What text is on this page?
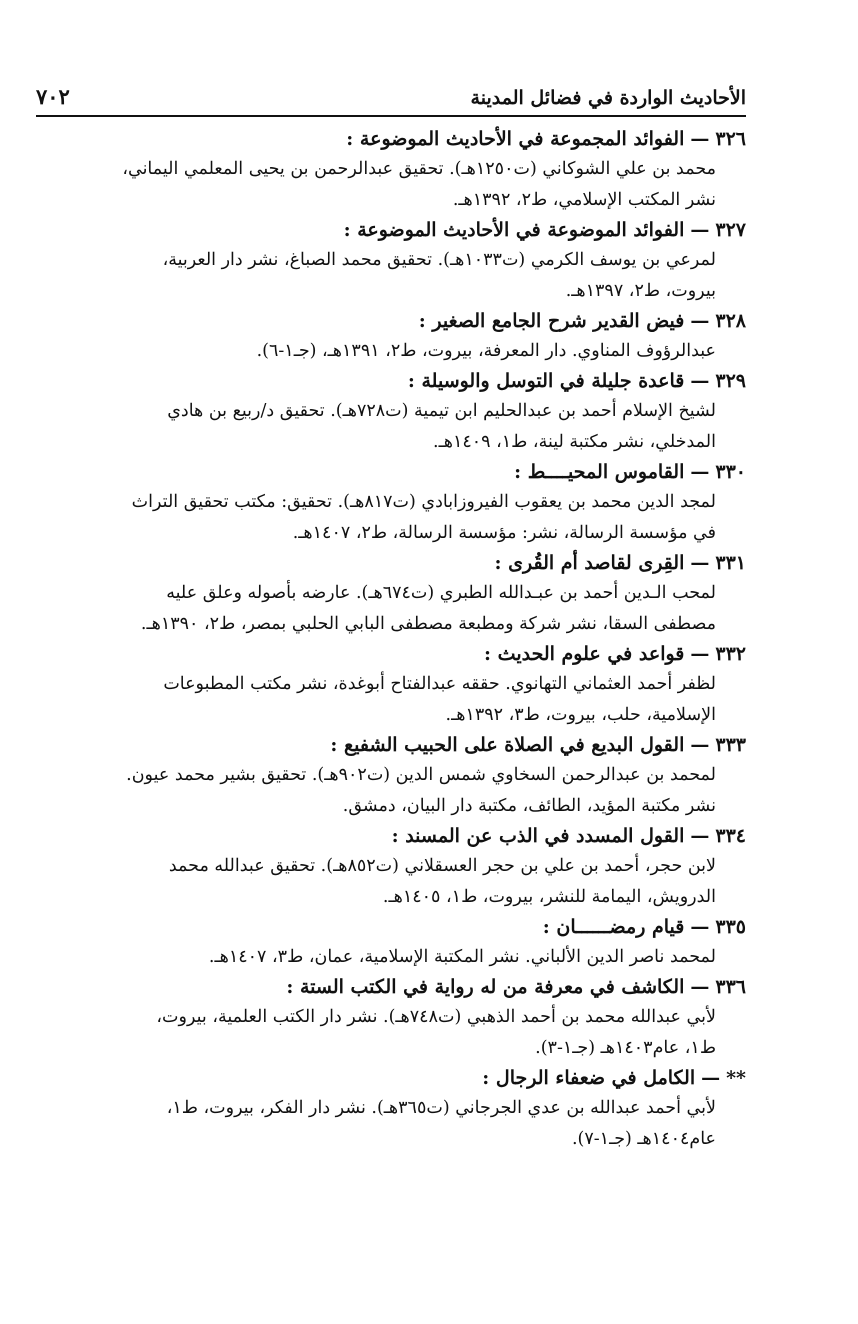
الأحاديث الواردة في فضائل المدينة
٧٠٢
٣٢٦—الفوائد المجموعة في الأحاديث الموضوعة :
محمد بن علي الشوكاني (ت١٢٥٠هـ). تحقيق عبدالرحمن بن يحيى المعلمي اليماني،
نشر المكتب الإسلامي، ط٢، ١٣٩٢هـ.
٣٢٧—الفوائد الموضوعة في الأحاديث الموضوعة :
لمرعي بن يوسف الكرمي (ت١٠٣٣هـ). تحقيق محمد الصباغ، نشر دار العربية،
بيروت، ط٢، ١٣٩٧هـ.
٣٢٨—فيض القدير شرح الجامع الصغير :
عبدالرؤوف المناوي. دار المعرفة، بيروت، ط٢، ١٣٩١هـ، (جـ١-٦).
٣٢٩—قاعدة جليلة في التوسل والوسيلة :
لشيخ الإسلام أحمد بن عبدالحليم ابن تيمية (ت٧٢٨هـ). تحقيق د/ربيع بن هادي
المدخلي، نشر مكتبة لينة، ط١، ١٤٠٩هـ.
٣٣٠—القاموس المحيــــط :
لمجد الدين محمد بن يعقوب الفيروزابادي (ت٨١٧هـ). تحقيق: مكتب تحقيق التراث
في مؤسسة الرسالة، نشر: مؤسسة الرسالة، ط٢، ١٤٠٧هـ.
٣٣١—القِرى لقاصد أم القُرى :
لمحب الـدين أحمد بن عبـدالله الطبري (ت٦٧٤هـ). عارضه بأصوله وعلق عليه
مصطفى السقا، نشر شركة ومطبعة مصطفى البابي الحلبي بمصر، ط٢، ١٣٩٠هـ.
٣٣٢—قواعد في علوم الحديث :
لظفر أحمد العثماني التهانوي. حققه عبدالفتاح أبوغدة، نشر مكتب المطبوعات
الإسلامية، حلب، بيروت، ط٣، ١٣٩٢هـ.
٣٣٣—القول البديع في الصلاة على الحبيب الشفيع :
لمحمد بن عبدالرحمن السخاوي شمس الدين (ت٩٠٢هـ). تحقيق بشير محمد عيون.
نشر مكتبة المؤيد، الطائف، مكتبة دار البيان، دمشق.
٣٣٤—القول المسدد في الذب عن المسند :
لابن حجر، أحمد بن علي بن حجر العسقلاني (ت٨٥٢هـ). تحقيق عبدالله محمد
الدرويش، اليمامة للنشر، بيروت، ط١، ١٤٠٥هـ.
٣٣٥—قيام رمضــــــان :
لمحمد ناصر الدين الألباني. نشر المكتبة الإسلامية، عمان، ط٣، ١٤٠٧هـ.
٣٣٦—الكاشف في معرفة من له رواية في الكتب الستة :
لأبي عبدالله محمد بن أحمد الذهبي (ت٧٤٨هـ). نشر دار الكتب العلمية، بيروت،
ط١، عام١٤٠٣هـ (جـ١-٣).
**—الكامل في ضعفاء الرجال :
لأبي أحمد عبدالله بن عدي الجرجاني (ت٣٦٥هـ). نشر دار الفكر، بيروت، ط١،
عام١٤٠٤هـ (جـ١-٧).
